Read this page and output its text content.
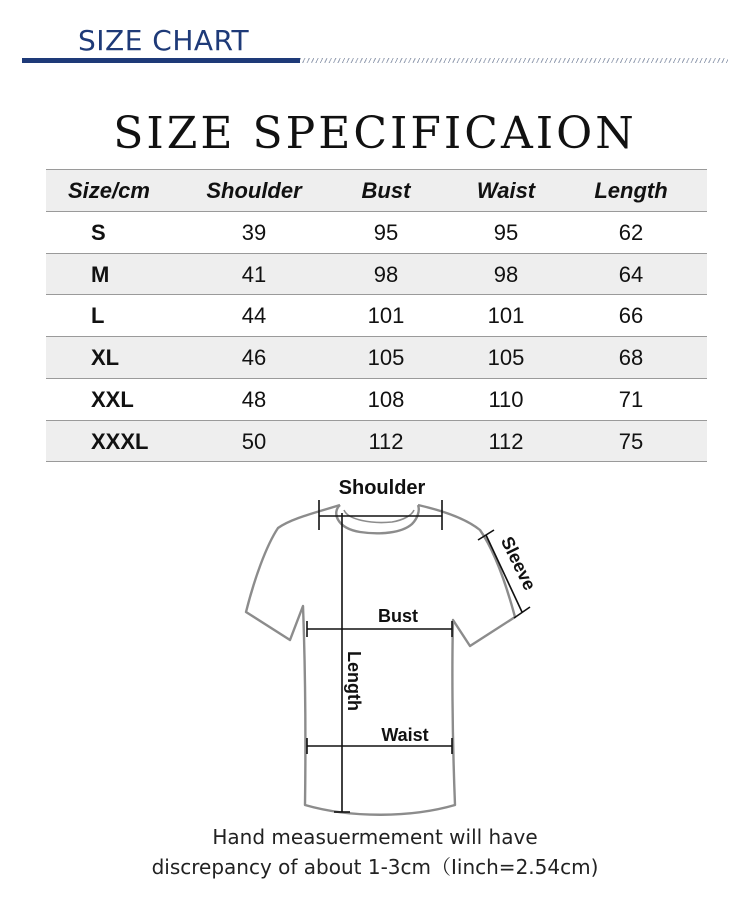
SIZE CHART
SIZE SPECIFICAION
Size/cm	Shoulder	Bust	Waist	Length
S	39	95	95	62
M	41	98	98	64
L	44	101	101	66
XL	46	105	105	68
XXL	48	108	110	71
XXXL	50	112	112	75
Shoulder
Sleeve
Bust
Length
Waist
Hand measuermement will have
discrepancy of about 1-3cm（Iinch=2.54cm)
